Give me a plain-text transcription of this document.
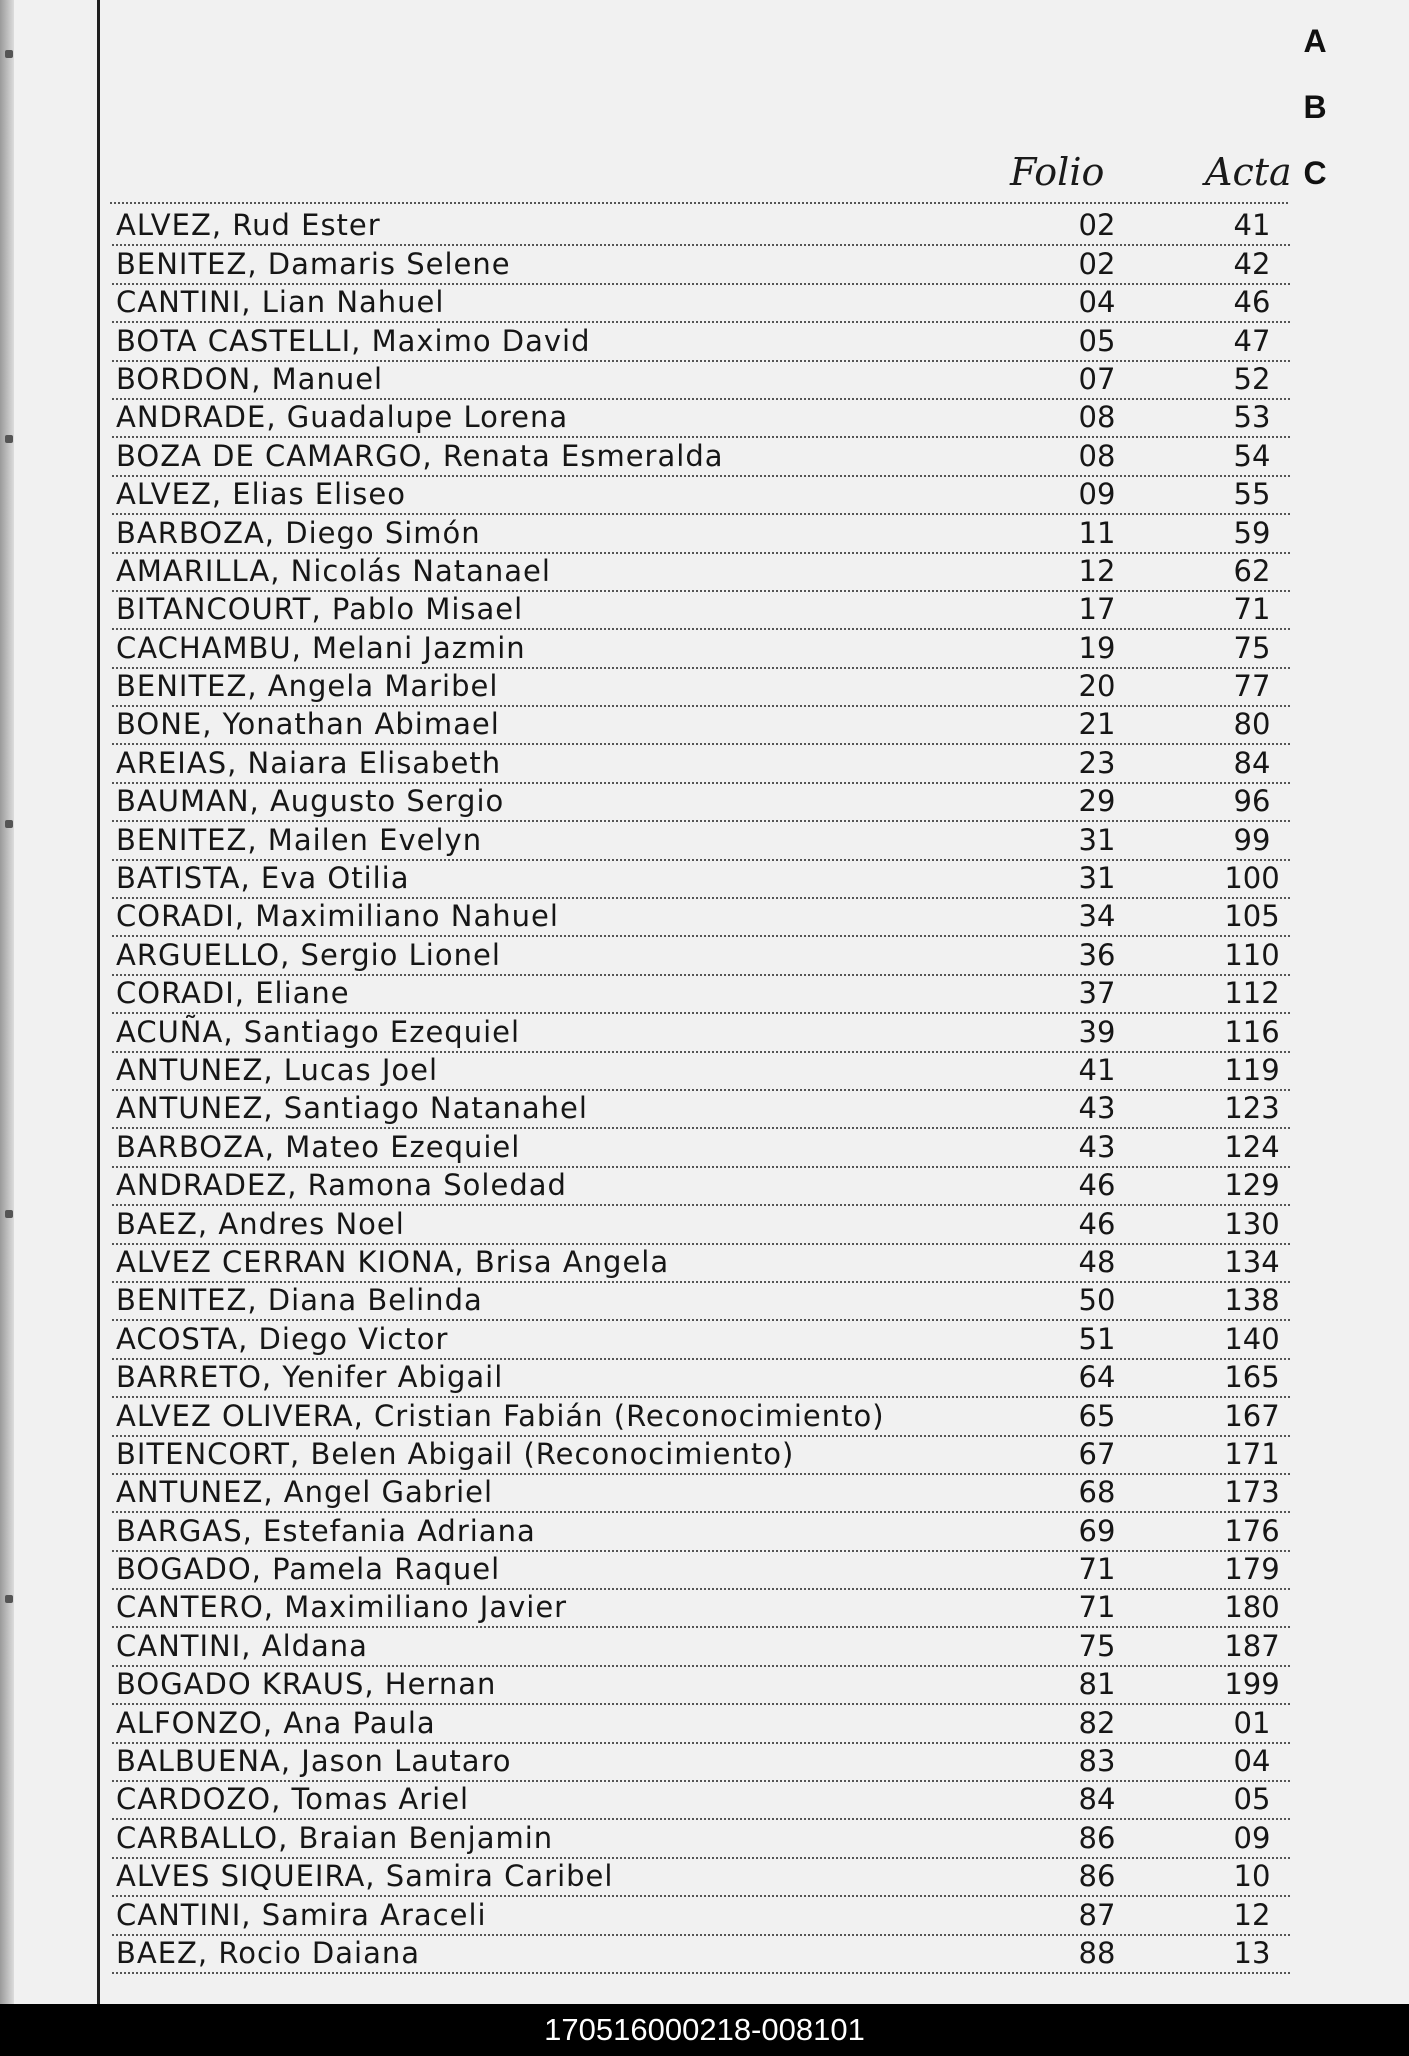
A
B
C
Folio	Acta
ALVEZ, Rud Ester	02	41
BENITEZ, Damaris Selene	02	42
CANTINI, Lian Nahuel	04	46
BOTA CASTELLI, Maximo David	05	47
BORDON, Manuel	07	52
ANDRADE, Guadalupe Lorena	08	53
BOZA DE CAMARGO, Renata Esmeralda	08	54
ALVEZ, Elias Eliseo	09	55
BARBOZA, Diego Simón	11	59
AMARILLA, Nicolás Natanael	12	62
BITANCOURT, Pablo Misael	17	71
CACHAMBU, Melani Jazmin	19	75
BENITEZ, Angela Maribel	20	77
BONE, Yonathan Abimael	21	80
AREIAS, Naiara Elisabeth	23	84
BAUMAN, Augusto Sergio	29	96
BENITEZ, Mailen Evelyn	31	99
BATISTA, Eva Otilia	31	100
CORADI, Maximiliano Nahuel	34	105
ARGUELLO, Sergio Lionel	36	110
CORADI, Eliane	37	112
ACUÑA, Santiago Ezequiel	39	116
ANTUNEZ, Lucas Joel	41	119
ANTUNEZ, Santiago Natanahel	43	123
BARBOZA, Mateo Ezequiel	43	124
ANDRADEZ, Ramona Soledad	46	129
BAEZ, Andres Noel	46	130
ALVEZ CERRAN KIONA, Brisa Angela	48	134
BENITEZ, Diana Belinda	50	138
ACOSTA, Diego Victor	51	140
BARRETO, Yenifer Abigail	64	165
ALVEZ OLIVERA, Cristian Fabián (Reconocimiento)	65	167
BITENCORT, Belen Abigail (Reconocimiento)	67	171
ANTUNEZ, Angel Gabriel	68	173
BARGAS, Estefania Adriana	69	176
BOGADO, Pamela Raquel	71	179
CANTERO, Maximiliano Javier	71	180
CANTINI, Aldana	75	187
BOGADO KRAUS, Hernan	81	199
ALFONZO, Ana Paula	82	01
BALBUENA, Jason Lautaro	83	04
CARDOZO, Tomas Ariel	84	05
CARBALLO, Braian Benjamin	86	09
ALVES SIQUEIRA, Samira Caribel	86	10
CANTINI, Samira Araceli	87	12
BAEZ, Rocio Daiana	88	13
170516000218-008101
